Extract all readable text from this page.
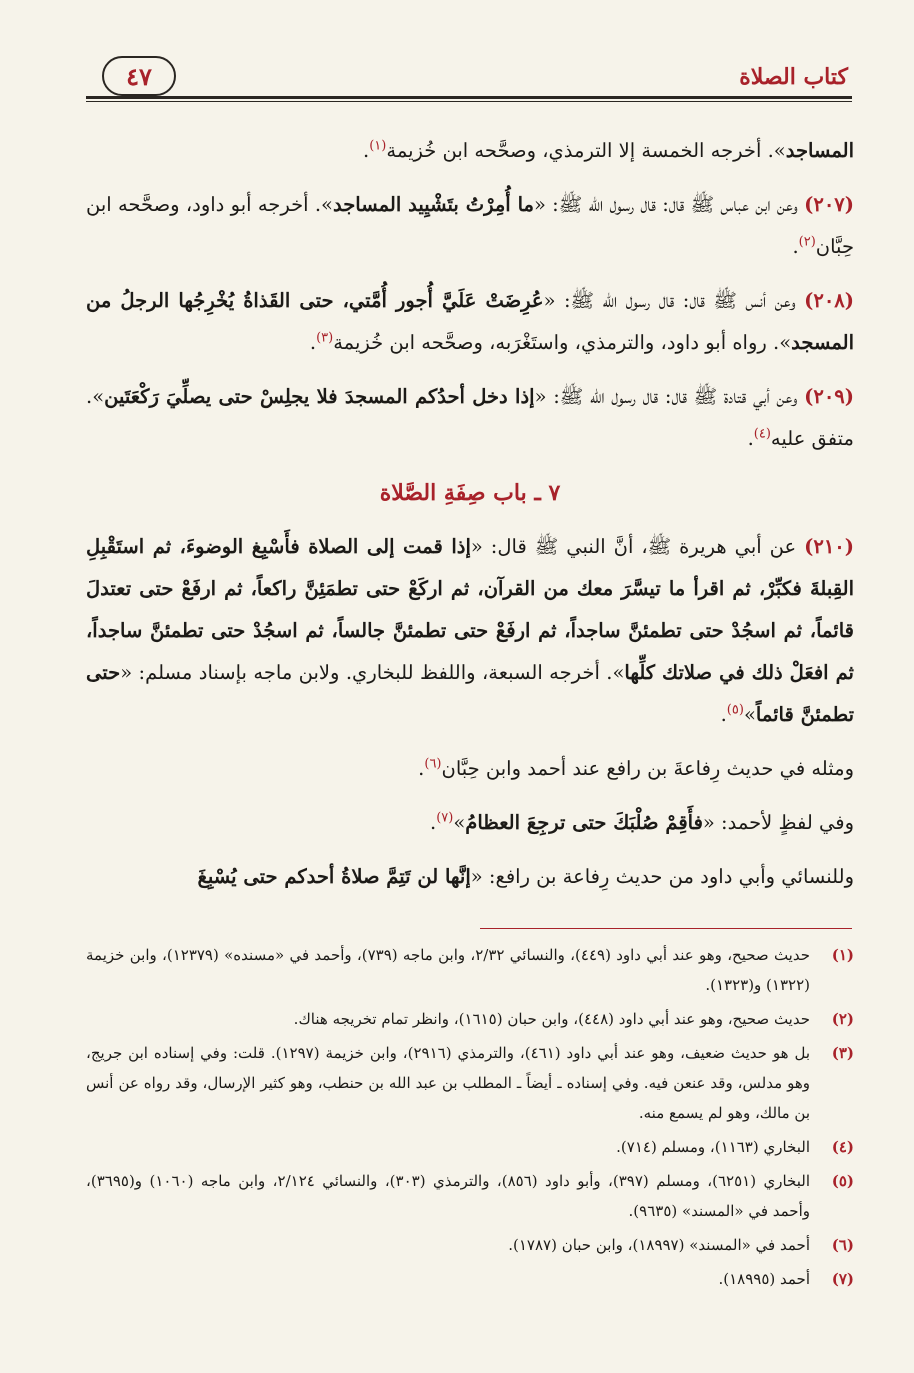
٤٧	كتاب الصلاة

المساجد». أخرجه الخمسة إلا الترمذي، وصحَّحه ابن خُزيمة$^{(١)}$.

(٢٠٧) وعن ابن عباس ﷺ قال: قال رسول الله ﷺ: «ما أُمِرْتُ بتَشْيِيد المساجد». أخرجه أبو داود، وصحَّحه ابن حِبَّان$^{(٢)}$.

(٢٠٨) وعن أنس ﷺ قال: قال رسول الله ﷺ: «عُرِضَتْ عَلَيَّ أُجور أُمَّتي، حتى القَذاةُ يُخْرِجُها الرجلُ من المسجد». رواه أبو داود، والترمذي، واستَغْرَبه، وصحَّحه ابن خُزيمة$^{(٣)}$.

(٢٠٩) وعن أبي قتادة ﷺ قال: قال رسول الله ﷺ: «إذا دخل أحدُكم المسجدَ فلا يجلِسْ حتى يصلِّيَ رَكْعَتَين». متفق عليه$^{(٤)}$.

٧ ـ باب صِفَةِ الصَّلاة

(٢١٠) عن أبي هريرة ﷺ، أنَّ النبي ﷺ قال: «إذا قمت إلى الصلاة فأَسْبِغ الوضوءَ، ثم استَقْبِلِ القِبلةَ فكبِّرْ، ثم اقرأ ما تيسَّرَ معك من القرآن، ثم اركَعْ حتى تطمَئِنَّ راكعاً، ثم ارفَعْ حتى تعتدلَ قائماً، ثم اسجُدْ حتى تطمئنَّ ساجداً، ثم ارفَعْ حتى تطمئنَّ جالساً، ثم اسجُدْ حتى تطمئنَّ ساجداً، ثم افعَلْ ذلك في صلاتك كلِّها». أخرجه السبعة، واللفظ للبخاري. ولابن ماجه بإسناد مسلم: «حتى تطمئنَّ قائماً»$^{(٥)}$.

ومثله في حديث رِفاعةَ بن رافع عند أحمد وابن حِبَّان$^{(٦)}$.

وفي لفظٍ لأحمد: «فأَقِمْ صُلْبَكَ حتى ترجِعَ العظامُ»$^{(٧)}$.

وللنسائي وأبي داود من حديث رِفاعة بن رافع: «إنَّها لن تَتِمَّ صلاةُ أحدكم حتى يُسْبِغَ

(١)
حديث صحيح، وهو عند أبي داود (٤٤٩)، والنسائي ٢/٣٢، وابن ماجه (٧٣٩)، وأحمد في «مسنده» (١٢٣٧٩)، وابن خزيمة (١٣٢٢) و(١٣٢٣).
(٢)
حديث صحيح، وهو عند أبي داود (٤٤٨)، وابن حبان (١٦١٥)، وانظر تمام تخريجه هناك.
(٣)
بل هو حديث ضعيف، وهو عند أبي داود (٤٦١)، والترمذي (٢٩١٦)، وابن خزيمة (١٢٩٧). قلت: وفي إسناده ابن جريج، وهو مدلس، وقد عنعن فيه. وفي إسناده ـ أيضاً ـ المطلب بن عبد الله بن حنطب، وهو كثير الإرسال، وقد رواه عن أنس بن مالك، وهو لم يسمع منه.
(٤)
البخاري (١١٦٣)، ومسلم (٧١٤).
(٥)
البخاري (٦٢٥١)، ومسلم (٣٩٧)، وأبو داود (٨٥٦)، والترمذي (٣٠٣)، والنسائي ٢/١٢٤، وابن ماجه (١٠٦٠) و(٣٦٩٥)، وأحمد في «المسند» (٩٦٣٥).
(٦)
أحمد في «المسند» (١٨٩٩٧)، وابن حبان (١٧٨٧).
(٧)
أحمد (١٨٩٩٥).
